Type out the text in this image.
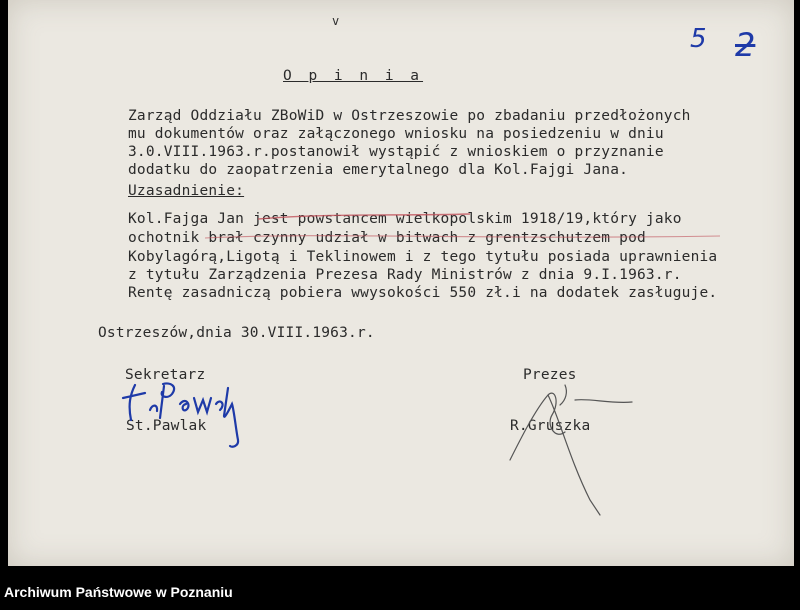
v
5 2
O p i n i a
Zarząd Oddziału ZBoWiD w Ostrzeszowie po zbadaniu przedłożonych
mu dokumentów oraz załączonego wniosku na posiedzeniu w dniu
3.0.VIII.1963.r.postanowił wystąpić z wnioskiem o przyznanie
dodatku do zaopatrzenia emerytalnego dla Kol.Fajgi Jana.
Uzasadnienie:
Kol.Fajga Jan jest powstancem wielkopolskim 1918/19,który jako
ochotnik brał czynny udział w bitwach z grentzschutzem pod
Kobylagórą,Ligotą i Teklinowem i z tego tytułu posiada uprawnienia
z tytułu Zarządzenia Prezesa Rady Ministrów z dnia 9.I.1963.r.
Rentę zasadniczą pobiera wwysokości 550 zł.i na dodatek zasługuje.
Ostrzeszów,dnia 30.VIII.1963.r.
Sekretarz
St.Pawlak
Prezes
R.Gruszka
Archiwum Państwowe w Poznaniu
